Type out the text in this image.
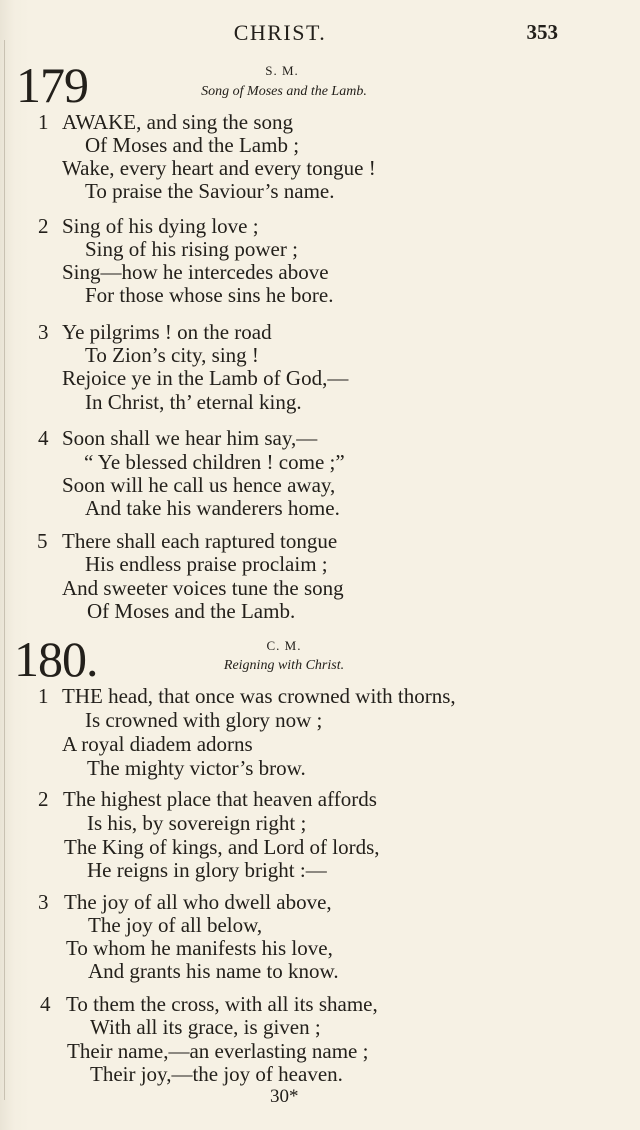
CHRIST.	353
179	S. M.
Song of Moses and the Lamb.
1 AWAKE, and sing the song
Of Moses and the Lamb ;
Wake, every heart and every tongue !
To praise the Saviour’s name.
2 Sing of his dying love ;
Sing of his rising power ;
Sing—how he intercedes above
For those whose sins he bore.
3 Ye pilgrims ! on the road
To Zion’s city, sing !
Rejoice ye in the Lamb of God,—
In Christ, th’ eternal king.
4 Soon shall we hear him say,—
“ Ye blessed children ! come ;”
Soon will he call us hence away,
And take his wanderers home.
5 There shall each raptured tongue
His endless praise proclaim ;
And sweeter voices tune the song
Of Moses and the Lamb.
180.	C. M.
Reigning with Christ.
1 THE head, that once was crowned with thorns,
Is crowned with glory now ;
A royal diadem adorns
The mighty victor’s brow.
2 The highest place that heaven affords
Is his, by sovereign right ;
The King of kings, and Lord of lords,
He reigns in glory bright :—
3 The joy of all who dwell above,
The joy of all below,
To whom he manifests his love,
And grants his name to know.
4 To them the cross, with all its shame,
With all its grace, is given ;
Their name,—an everlasting name ;
Their joy,—the joy of heaven.
30*
